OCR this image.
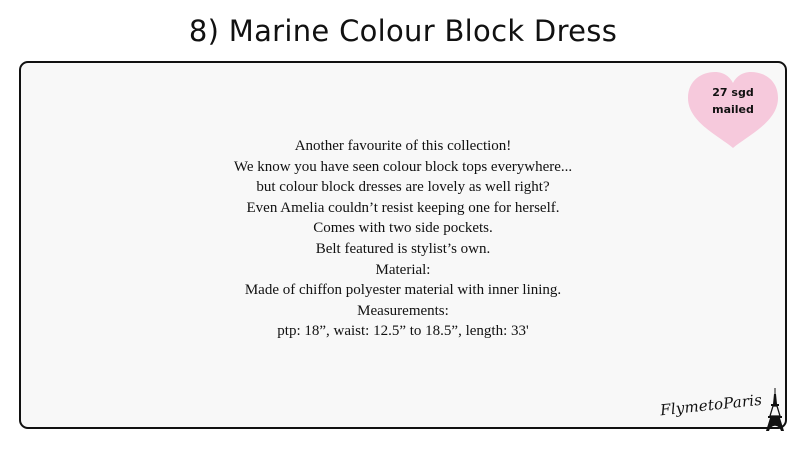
8) Marine Colour Block Dress
Another favourite of this collection!
We know you have seen colour block tops everywhere...
but colour block dresses are lovely as well right?
Even Amelia couldn’t resist keeping one for herself.
Comes with two side pockets.
Belt featured is stylist’s own.
Material:
Made of chiffon polyester material with inner lining.
Measurements:
ptp: 18”, waist: 12.5” to 18.5”, length: 33'
27 sgd
mailed
FlymetoParis
